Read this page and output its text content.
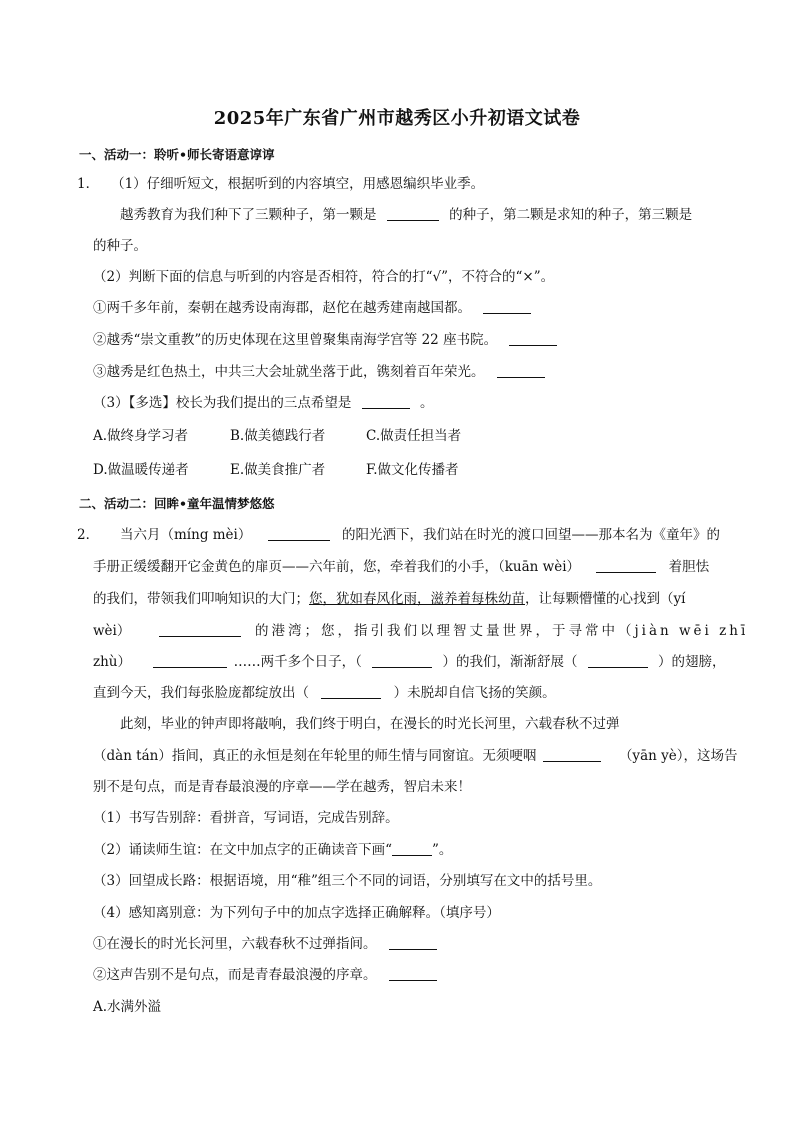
2025年广东省广州市越秀区小升初语文试卷
一、活动一：聆听•师长寄语意谆谆
1． （1）仔细听短文，根据听到的内容填空，用感恩编织毕业季。
越秀教育为我们种下了三颗种子，第一颗是	的种子，第二颗是求知的种子，第三颗是
的种子。
（2）判断下面的信息与听到的内容是否相符，符合的打“√”，不符合的“×”。
①两千多年前，秦朝在越秀设南海郡，赵佗在越秀建南越国都。
②越秀“崇文重教”的历史体现在这里曾聚集南海学宫等 22 座书院。
③越秀是红色热土，中共三大会址就坐落于此，镌刻着百年荣光。
（3）【多选】校长为我们提出的三点希望是	。
A.做终身学习者	B.做美德践行者	C.做责任担当者
D.做温暖传递者	E.做美食推广者	F.做文化传播者
二、活动二：回眸•童年温情梦悠悠
2． 当六月（míng mèi）	的阳光洒下，我们站在时光的渡口回望——那本名为《童年》的
手册正缓缓翻开它金黄色的扉页——六年前，您，牵着我们的小手，（kuān wèi）	着胆怯
的我们，带领我们叩响知识的大门；您，犹如春风化雨，滋养着每株幼苗，让每颗懵懂的心找到（yí
wèi）	的港湾；您，指引我们以理智丈量世界，于寻常中（jiàn wēi zhī
zhù）	……两千多个日子，（	）的我们，渐渐舒展（	）的翅膀，
直到今天，我们每张脸庞都绽放出（	）未脱却自信飞扬的笑颜。
此刻，毕业的钟声即将敲响，我们终于明白，在漫长的时光长河里，六载春秋不过弹
（dàn tán）指间，真正的永恒是刻在年轮里的师生情与同窗谊。无须哽咽	（yān yè），这场告
别不是句点，而是青春最浪漫的序章——学在越秀，智启未来！
（1）书写告别辞：看拼音，写词语，完成告别辞。
（2）诵读师生谊：在文中加点字的正确读音下画“	”。
（3）回望成长路：根据语境，用“稚”组三个不同的词语，分别填写在文中的括号里。
（4）感知离别意：为下列句子中的加点字选择正确解释。（填序号）
①在漫长的时光长河里，六载春秋不过弹指间。
②这声告别不是句点，而是青春最浪漫的序章。
A.水满外溢
